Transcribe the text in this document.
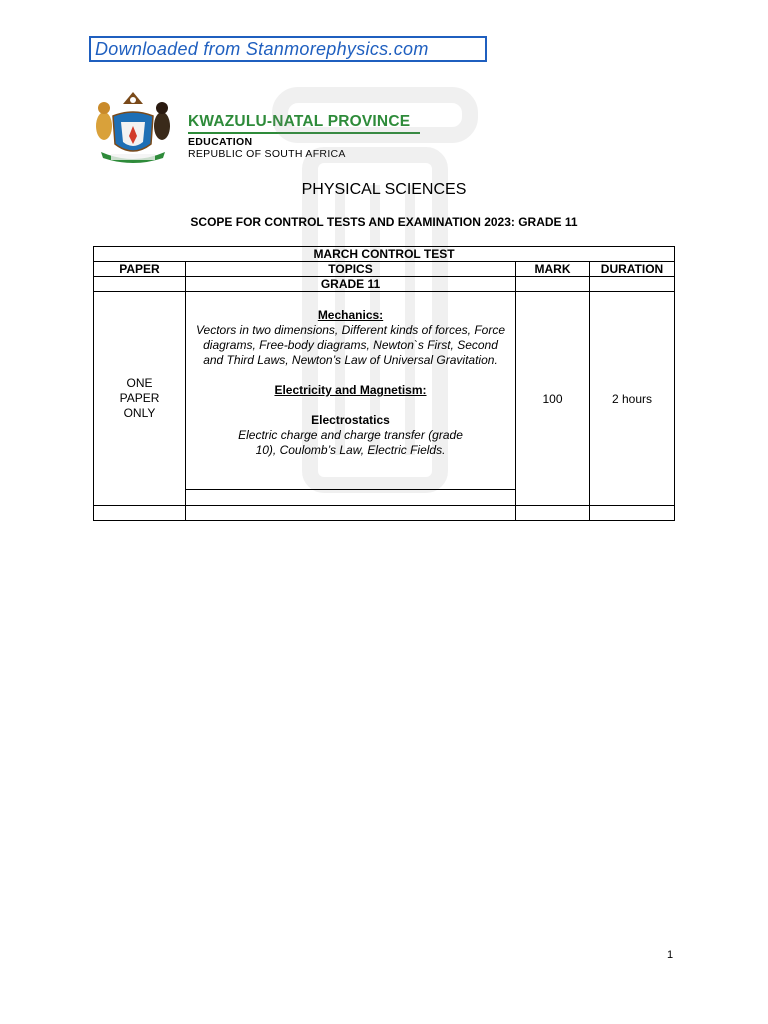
Downloaded from Stanmorephysics.com
KWAZULU-NATAL PROVINCE
EDUCATION
REPUBLIC OF SOUTH AFRICA
PHYSICAL SCIENCES
SCOPE FOR CONTROL TESTS AND EXAMINATION 2023: GRADE 11
MARCH CONTROL TEST			
PAPER	TOPICS	MARK	DURATION
	GRADE 11		

ONE PAPER ONLY	Mechanics:
Vectors in two dimensions, Different kinds of forces, Force diagrams, Free-body diagrams, Newton`s First, Second and Third Laws, Newton’s Law of Universal Gravitation.
Electricity and Magnetism:
Electrostatics
Electric charge and charge transfer (grade 10), Coulomb’s Law, Electric Fields.	100	2 hours

1
